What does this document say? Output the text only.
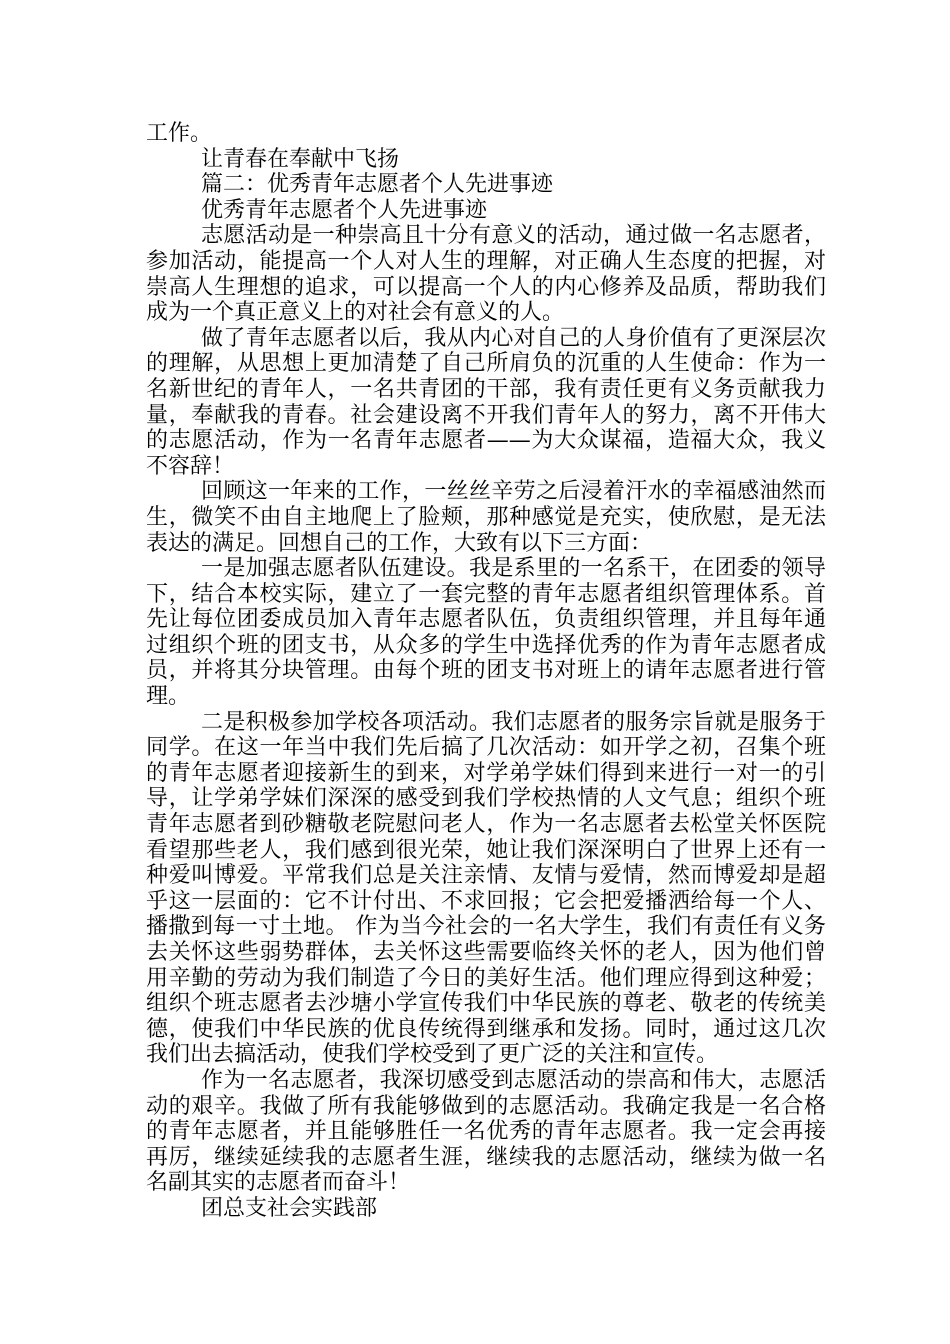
工作。

让青春在奉献中飞扬

篇二：优秀青年志愿者个人先进事迹

优秀青年志愿者个人先进事迹

志愿活动是一种崇高且十分有意义的活动，通过做一名志愿者，参加活动，能提高一个人对人生的理解，对正确人生态度的把握，对崇高人生理想的追求，可以提高一个人的内心修养及品质，帮助我们成为一个真正意义上的对社会有意义的人。

做了青年志愿者以后，我从内心对自己的人身价值有了更深层次的理解，从思想上更加清楚了自己所肩负的沉重的人生使命：作为一名新世纪的青年人，一名共青团的干部，我有责任更有义务贡献我力量，奉献我的青春。社会建设离不开我们青年人的努力，离不开伟大的志愿活动，作为一名青年志愿者——为大众谋福，造福大众，我义不容辞！

回顾这一年来的工作，一丝丝辛劳之后浸着汗水的幸福感油然而生，微笑不由自主地爬上了脸颊，那种感觉是充实，使欣慰，是无法表达的满足。回想自己的工作，大致有以下三方面：

一是加强志愿者队伍建设。我是系里的一名系干，在团委的领导下，结合本校实际，建立了一套完整的青年志愿者组织管理体系。首先让每位团委成员加入青年志愿者队伍，负责组织管理，并且每年通过组织个班的团支书，从众多的学生中选择优秀的作为青年志愿者成员，并将其分块管理。由每个班的团支书对班上的请年志愿者进行管理。

二是积极参加学校各项活动。我们志愿者的服务宗旨就是服务于同学。在这一年当中我们先后搞了几次活动：如开学之初，召集个班的青年志愿者迎接新生的到来，对学弟学妹们得到来进行一对一的引导，让学弟学妹们深深的感受到我们学校热情的人文气息；组织个班青年志愿者到砂糖敬老院慰问老人，作为一名志愿者去松堂关怀医院看望那些老人，我们感到很光荣，她让我们深深明白了世界上还有一种爱叫博爱。平常我们总是关注亲情、友情与爱情，然而博爱却是超乎这一层面的：它不计付出、不求回报；它会把爱播洒给每一个人、播撒到每一寸土地。 作为当今社会的一名大学生，我们有责任有义务去关怀这些弱势群体，去关怀这些需要临终关怀的老人，因为他们曾用辛勤的劳动为我们制造了今日的美好生活。他们理应得到这种爱；组织个班志愿者去沙塘小学宣传我们中华民族的尊老、敬老的传统美德，使我们中华民族的优良传统得到继承和发扬。同时，通过这几次我们出去搞活动，使我们学校受到了更广泛的关注和宣传。

作为一名志愿者，我深切感受到志愿活动的崇高和伟大，志愿活动的艰辛。我做了所有我能够做到的志愿活动。我确定我是一名合格的青年志愿者，并且能够胜任一名优秀的青年志愿者。我一定会再接再厉，继续延续我的志愿者生涯，继续我的志愿活动，继续为做一名名副其实的志愿者而奋斗！

团总支社会实践部
